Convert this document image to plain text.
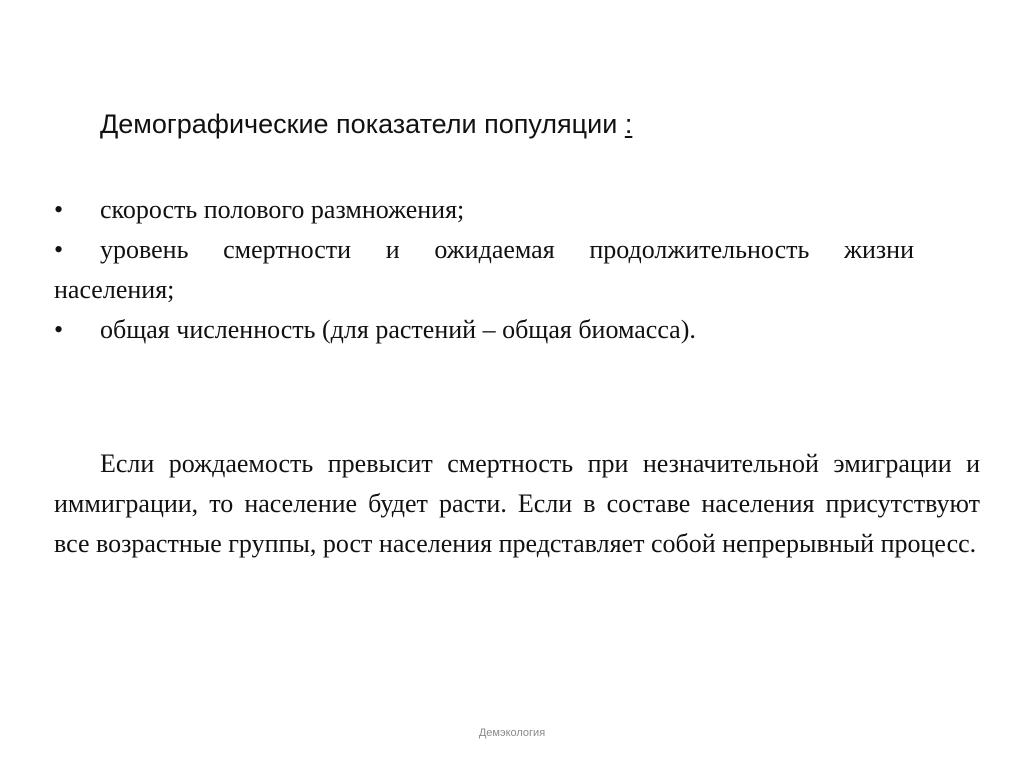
Демографические показатели популяции :
• скорость полового размножения;
• уровень смертности и ожидаемая продолжительность жизни населения;
• общая численность (для растений – общая биомасса).

Если рождаемость превысит смертность при незначительной эмиграции и иммиграции, то население будет расти. Если в составе населения присутствуют все возрастные группы, рост населения представляет собой непрерывный процесс.

Демэкология
